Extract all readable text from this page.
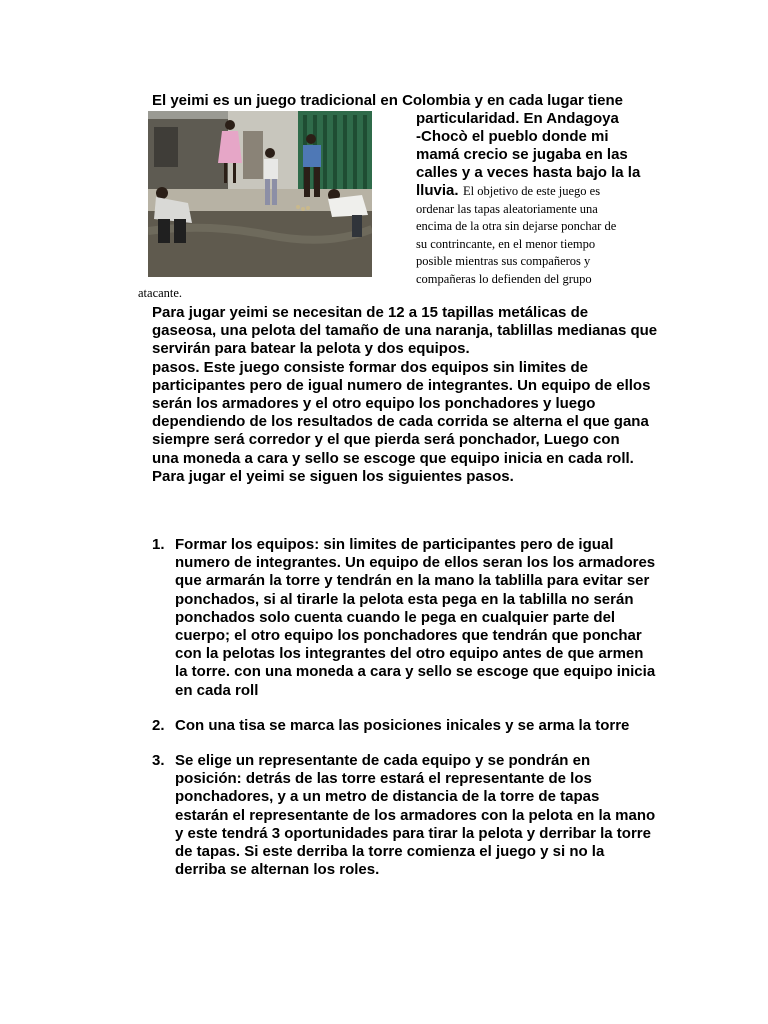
El yeimi es un juego tradicional en Colombia y en cada lugar tiene
particularidad. En Andagoya
-Chocò el pueblo donde mi
mamá crecio se jugaba en las
calles y a veces hasta bajo la la
lluvia. El objetivo de este juego es
ordenar las tapas aleatoriamente una
encima de la otra sin dejarse ponchar de
su contrincante, en el menor tiempo
posible mientras sus compañeros y
compañeras lo defienden del grupo
atacante.

Para jugar yeimi se necesitan de 12 a 15 tapillas metálicas de

gaseosa, una pelota del tamaño de una naranja, tablillas medianas que

servirán para batear la pelota y dos equipos.

pasos. Este juego consiste formar dos equipos sin limites de

participantes pero de igual numero de integrantes. Un equipo de ellos

serán los armadores y el otro equipo los ponchadores y luego

dependiendo de los resultados de cada corrida se alterna el que gana

siempre será corredor y el que pierda será ponchador, Luego con

una moneda a cara y sello se escoge que equipo inicia en cada roll.

Para jugar el yeimi se siguen los siguientes pasos.

1. Formar los equipos: sin limites de participantes pero de igual
numero de integrantes. Un equipo de ellos seran los los armadores
que armarán la torre y tendrán en la mano la tablilla para evitar ser
ponchados, si al tirarle la pelota esta pega en la tablilla no serán
ponchados solo cuenta cuando le pega en cualquier parte del
cuerpo; el otro equipo los ponchadores que tendrán que ponchar
con la pelotas los integrantes del otro equipo antes de que armen
la torre. con una moneda a cara y sello se escoge que equipo inicia
en cada roll
2. Con una tisa se marca las posiciones inicales y se arma la torre
3. Se elige un representante de cada equipo y se pondrán en
posición: detrás de las torre estará el representante de los
ponchadores, y a un metro de distancia de la torre de tapas
estarán el representante de los armadores con la pelota en la mano
y este tendrá 3 oportunidades para tirar la pelota y derribar la torre
de tapas. Si este derriba la torre comienza el juego y si no la
derriba se alternan los roles.
